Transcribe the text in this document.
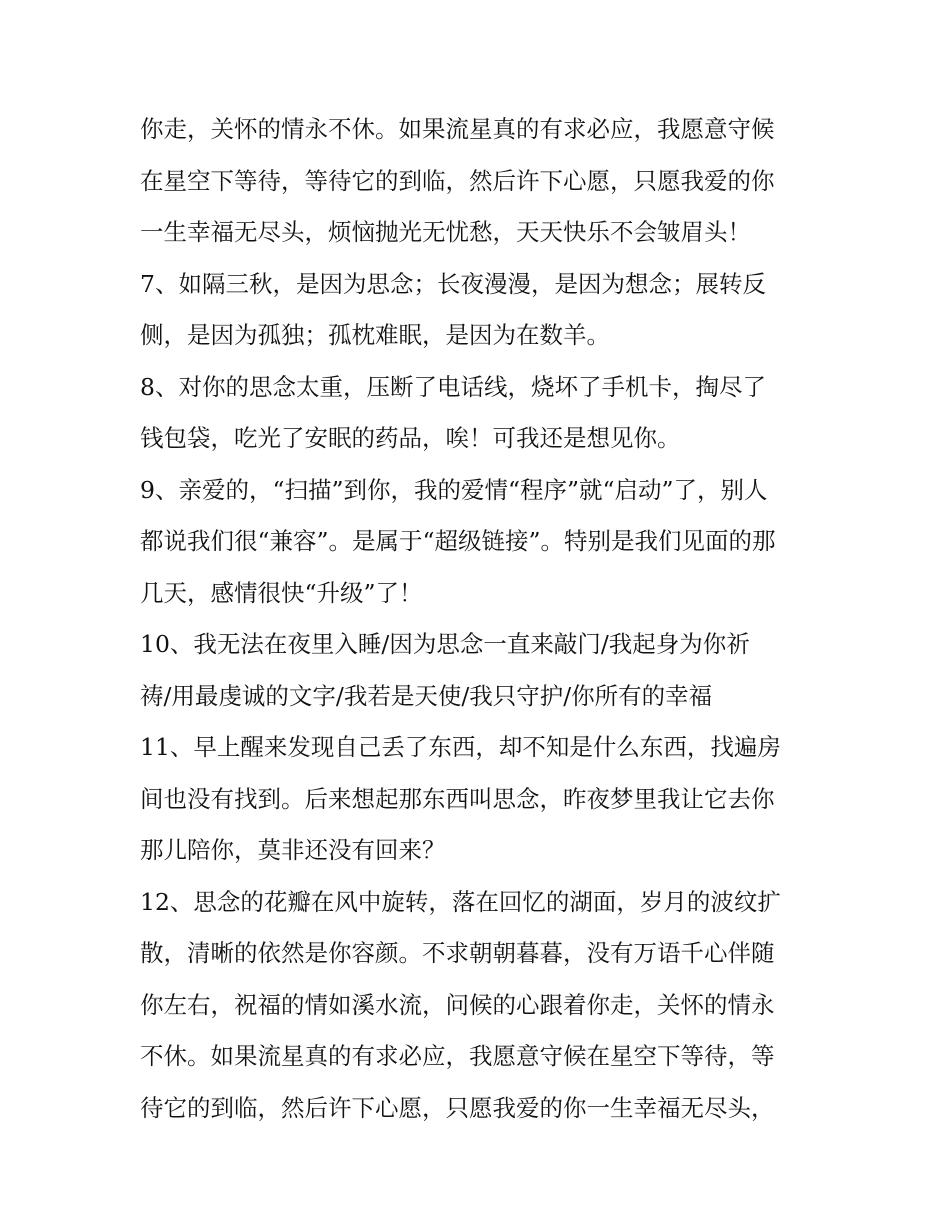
你走，关怀的情永不休。如果流星真的有求必应，我愿意守候

在星空下等待，等待它的到临，然后许下心愿，只愿我爱的你

一生幸福无尽头，烦恼抛光无忧愁，天天快乐不会皱眉头！

7、如隔三秋，是因为思念；长夜漫漫，是因为想念；展转反

侧，是因为孤独；孤枕难眠，是因为在数羊。

8、对你的思念太重，压断了电话线，烧坏了手机卡，掏尽了

钱包袋，吃光了安眠的药品，唉！可我还是想见你。

9、亲爱的，“扫描”到你，我的爱情“程序”就“启动”了，别人

都说我们很“兼容”。是属于“超级链接”。特别是我们见面的那

几天，感情很快“升级”了！

10、我无法在夜里入睡/因为思念一直来敲门/我起身为你祈

祷/用最虔诚的文字/我若是天使/我只守护/你所有的幸福

11、早上醒来发现自己丢了东西，却不知是什么东西，找遍房

间也没有找到。后来想起那东西叫思念，昨夜梦里我让它去你

那儿陪你，莫非还没有回来？

12、思念的花瓣在风中旋转，落在回忆的湖面，岁月的波纹扩

散，清晰的依然是你容颜。不求朝朝暮暮，没有万语千心伴随

你左右，祝福的情如溪水流，问候的心跟着你走，关怀的情永

不休。如果流星真的有求必应，我愿意守候在星空下等待，等

待它的到临，然后许下心愿，只愿我爱的你一生幸福无尽头，
